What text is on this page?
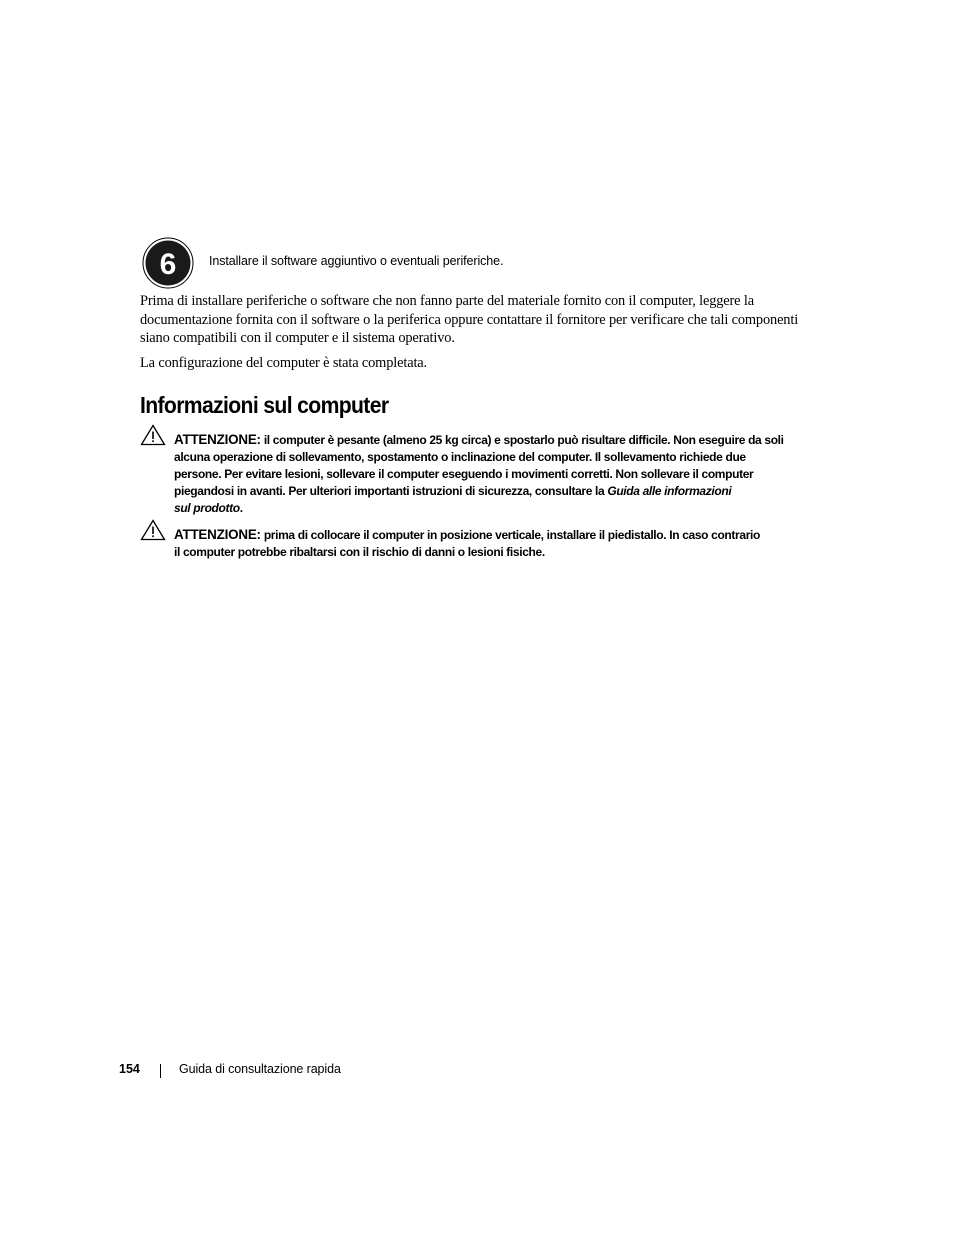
6	Installare il software aggiuntivo o eventuali periferiche.

Prima di installare periferiche o software che non fanno parte del materiale fornito con il computer, leggere la documentazione fornita con il software o la periferica oppure contattare il fornitore per verificare che tali componenti siano compatibili con il computer e il sistema operativo.

La configurazione del computer è stata completata.

Informazioni sul computer
ATTENZIONE: il computer è pesante (almeno 25 kg circa) e spostarlo può risultare difficile. Non eseguire da soli
alcuna operazione di sollevamento, spostamento o inclinazione del computer. Il sollevamento richiede due
persone. Per evitare lesioni, sollevare il computer eseguendo i movimenti corretti. Non sollevare il computer
piegandosi in avanti. Per ulteriori importanti istruzioni di sicurezza, consultare la Guida alle informazioni
sul prodotto.
ATTENZIONE: prima di collocare il computer in posizione verticale, installare il piedistallo. In caso contrario
il computer potrebbe ribaltarsi con il rischio di danni o lesioni fisiche.
154	Guida di consultazione rapida
